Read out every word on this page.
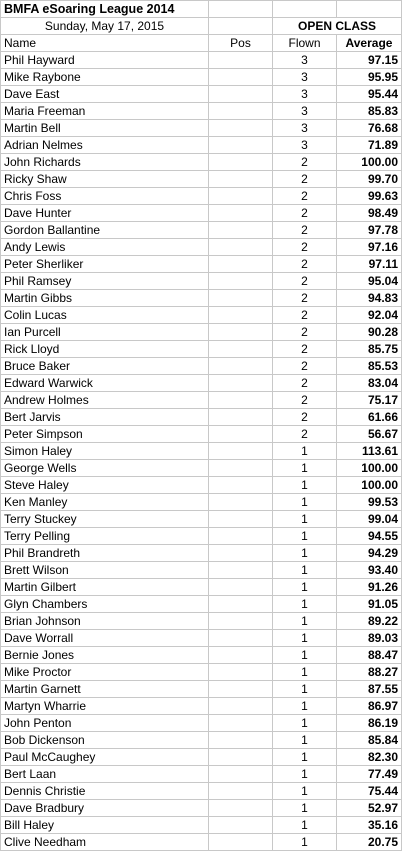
BMFA eSoaring League 2014			
Sunday, May 17, 2015		OPEN CLASS	
Name	Pos	Flown	Average
Phil Hayward		3	97.15
Mike Raybone		3	95.95
Dave East		3	95.44
Maria Freeman		3	85.83
Martin Bell		3	76.68
Adrian Nelmes		3	71.89
John Richards		2	100.00
Ricky Shaw		2	99.70
Chris Foss		2	99.63
Dave Hunter		2	98.49
Gordon Ballantine		2	97.78
Andy Lewis		2	97.16
Peter Sherliker		2	97.11
Phil Ramsey		2	95.04
Martin Gibbs		2	94.83
Colin Lucas		2	92.04
Ian Purcell		2	90.28
Rick Lloyd		2	85.75
Bruce Baker		2	85.53
Edward Warwick		2	83.04
Andrew Holmes		2	75.17
Bert Jarvis		2	61.66
Peter Simpson		2	56.67
Simon Haley		1	113.61
George Wells		1	100.00
Steve Haley		1	100.00
Ken Manley		1	99.53
Terry Stuckey		1	99.04
Terry Pelling		1	94.55
Phil Brandreth		1	94.29
Brett Wilson		1	93.40
Martin Gilbert		1	91.26
Glyn Chambers		1	91.05
Brian Johnson		1	89.22
Dave Worrall		1	89.03
Bernie Jones		1	88.47
Mike Proctor		1	88.27
Martin Garnett		1	87.55
Martyn Wharrie		1	86.97
John Penton		1	86.19
Bob Dickenson		1	85.84
Paul McCaughey		1	82.30
Bert Laan		1	77.49
Dennis Christie		1	75.44
Dave Bradbury		1	52.97
Bill Haley		1	35.16
Clive Needham		1	20.75
